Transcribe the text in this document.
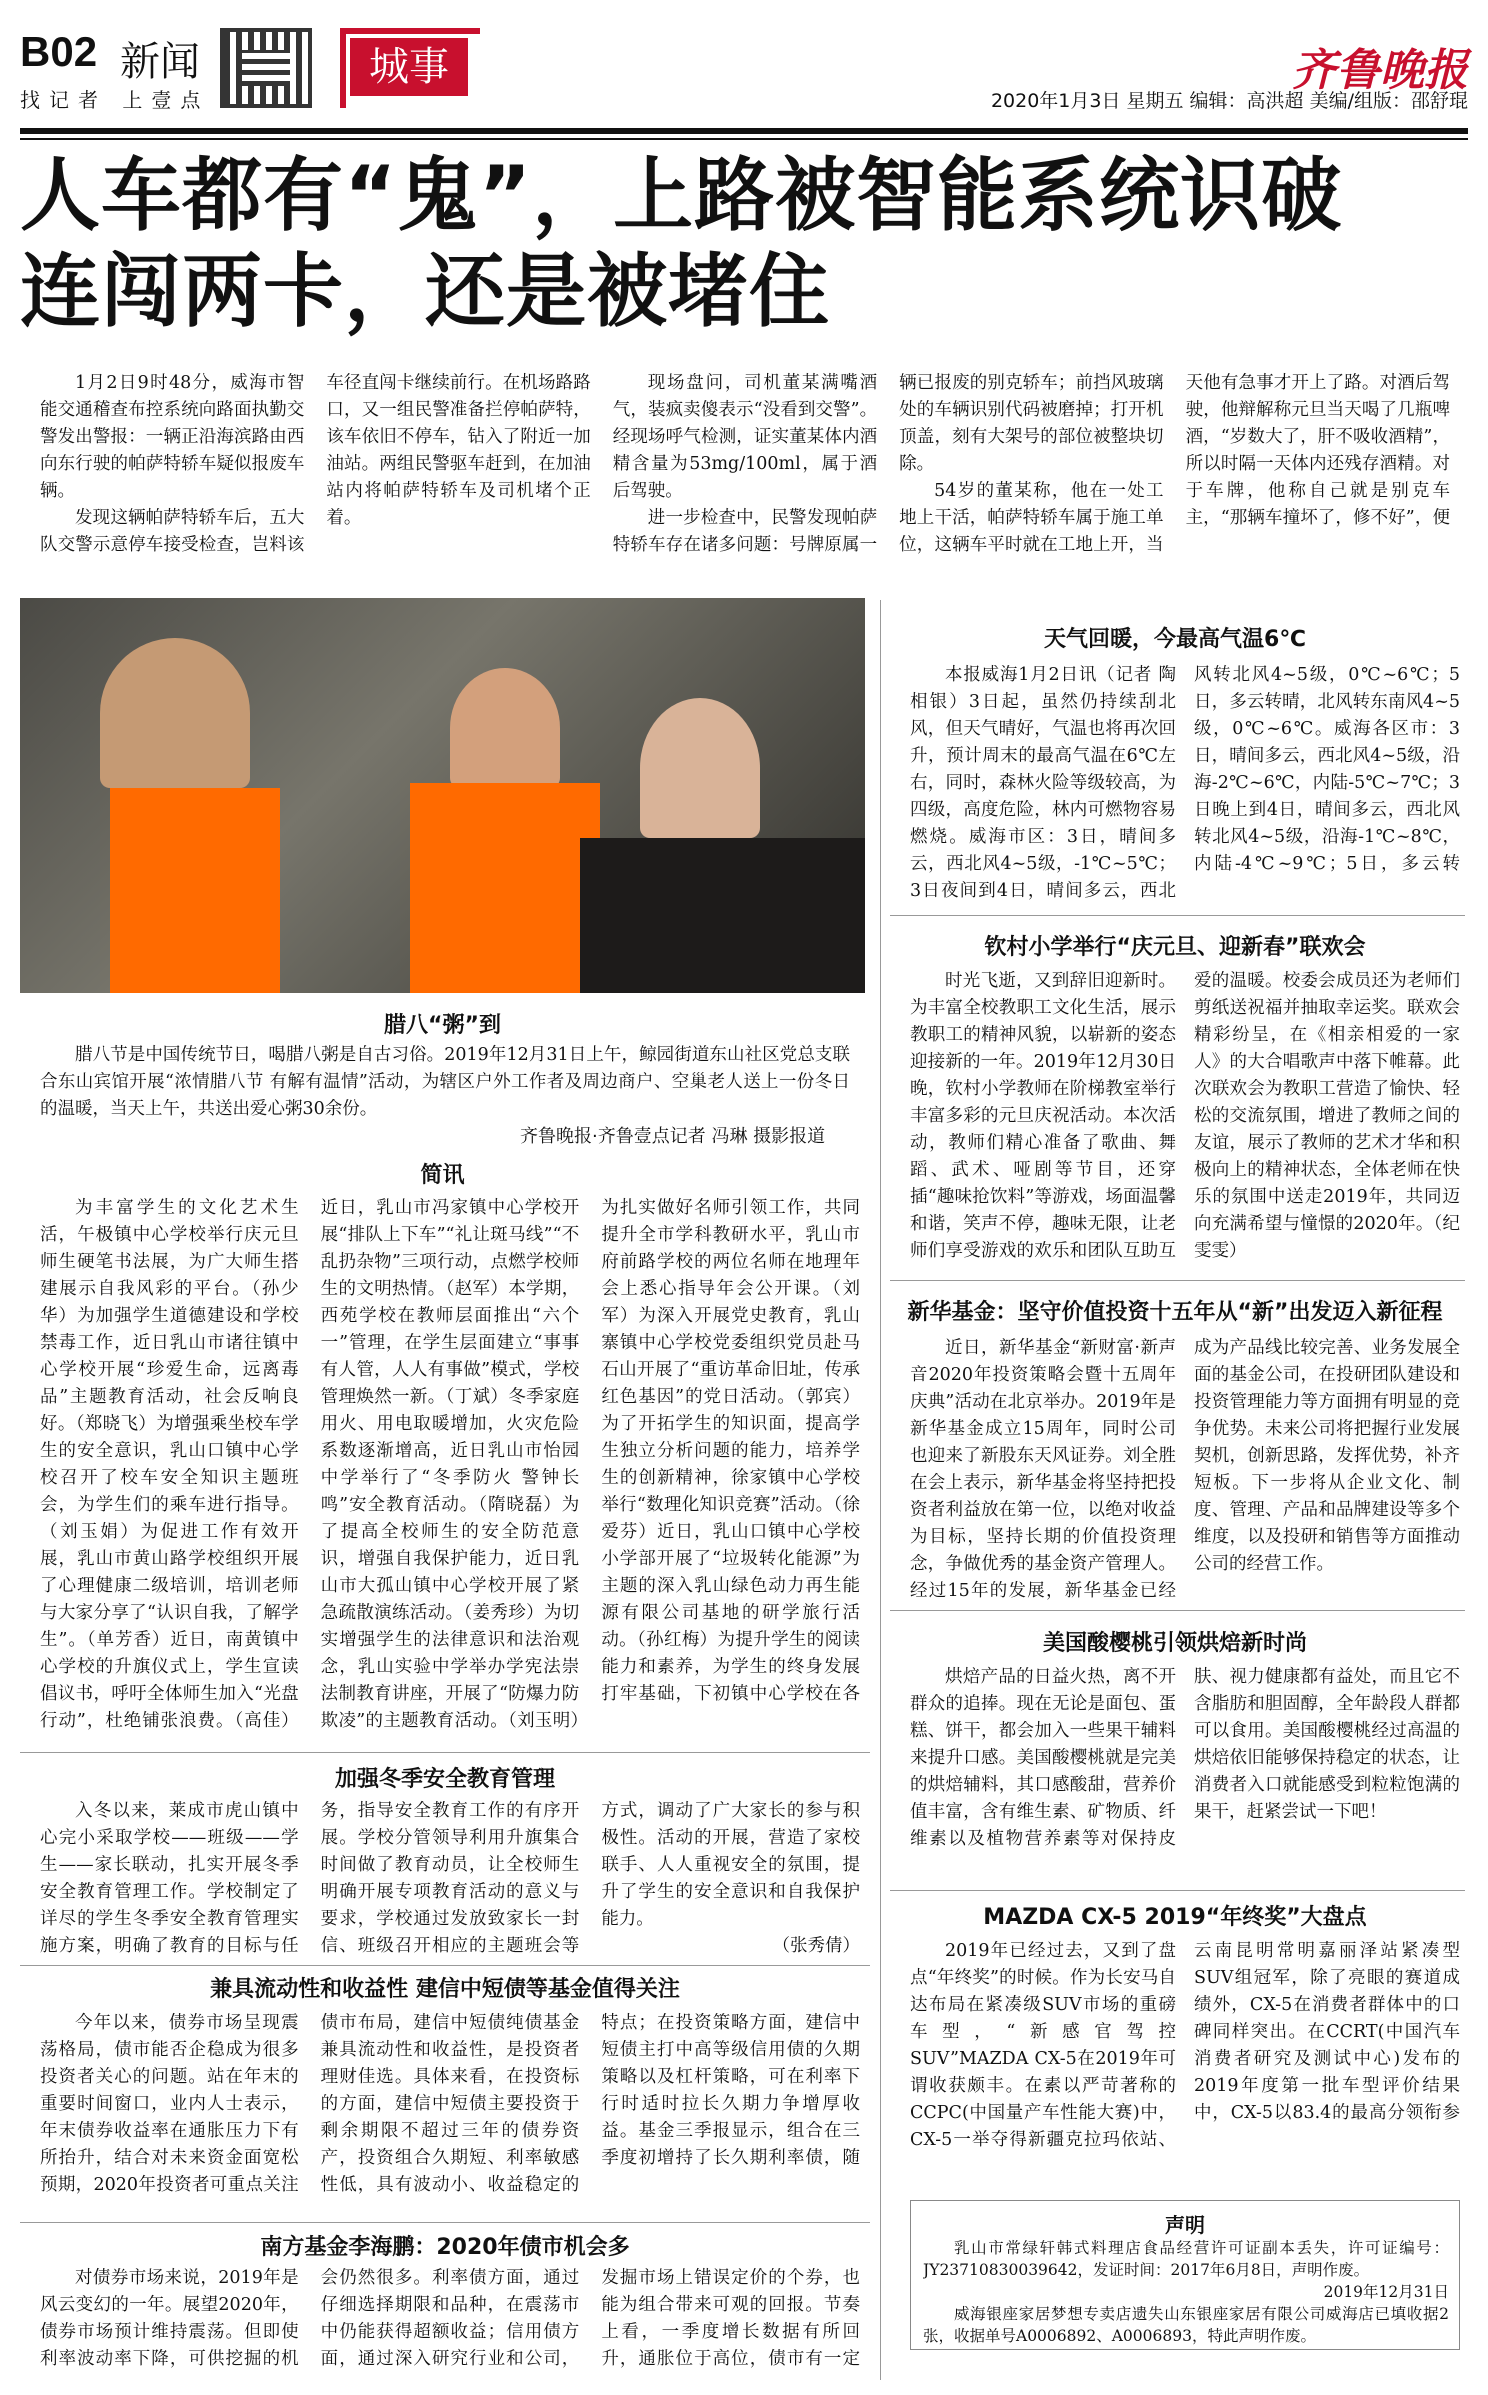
B02 新闻
找记者 上壹点
城事	齐鲁晚报
2020年1月3日 星期五 编辑：高洪超 美编/组版：邵舒琨
人车都有“鬼”，上路被智能系统识破
连闯两卡，还是被堵住

1月2日9时48分，威海市智能交通稽查布控系统向路面执勤交警发出警报：一辆正沿海滨路由西向东行驶的帕萨特轿车疑似报废车辆。

发现这辆帕萨特轿车后，五大队交警示意停车接受检查，岂料该车径直闯卡继续前行。在机场路路口，又一组民警准备拦停帕萨特，该车依旧不停车，钻入了附近一加油站。两组民警驱车赶到，在加油站内将帕萨特轿车及司机堵个正着。

现场盘问，司机董某满嘴酒气，装疯卖傻表示“没看到交警”。经现场呼气检测，证实董某体内酒精含量为53mg/100ml，属于酒后驾驶。

进一步检查中，民警发现帕萨特轿车存在诸多问题：号牌原属一辆已报废的别克轿车；前挡风玻璃处的车辆识别代码被磨掉；打开机顶盖，刻有大架号的部位被整块切除。

54岁的董某称，他在一处工地上干活，帕萨特轿车属于施工单位，这辆车平时就在工地上开，当天他有急事才开上了路。对酒后驾驶，他辩解称元旦当天喝了几瓶啤酒，“岁数大了，肝不吸收酒精”，所以时隔一天体内还残存酒精。对于车牌，他称自己就是别克车主，“那辆车撞坏了，修不好”，便

腊八“粥”到

腊八节是中国传统节日，喝腊八粥是自古习俗。2019年12月31日上午，鲸园街道东山社区党总支联合东山宾馆开展“浓情腊八节 有解有温情”活动，为辖区户外工作者及周边商户、空巢老人送上一份冬日的温暖，当天上午，共送出爱心粥30余份。

齐鲁晚报·齐鲁壹点记者 冯琳 摄影报道
简讯

为丰富学生的文化艺术生活，午极镇中心学校举行庆元旦师生硬笔书法展，为广大师生搭建展示自我风彩的平台。（孙少华）为加强学生道德建设和学校禁毒工作，近日乳山市诸往镇中心学校开展“珍爱生命，远离毒品”主题教育活动，社会反响良好。（郑晓飞）为增强乘坐校车学生的安全意识，乳山口镇中心学校召开了校车安全知识主题班会，为学生们的乘车进行指导。（刘玉娟）为促进工作有效开展，乳山市黄山路学校组织开展了心理健康二级培训，培训老师与大家分享了“认识自我，了解学生”。（单芳香）近日，南黄镇中心学校的升旗仪式上，学生宣读倡议书，呼吁全体师生加入“光盘行动”，杜绝铺张浪费。（高佳）近日，乳山市冯家镇中心学校开展“排队上下车”“礼让斑马线”“不乱扔杂物”三项行动，点燃学校师生的文明热情。（赵军）本学期，西苑学校在教师层面推出“六个一”管理，在学生层面建立“事事有人管，人人有事做”模式，学校管理焕然一新。（丁斌）冬季家庭用火、用电取暖增加，火灾危险系数逐渐增高，近日乳山市怡园中学举行了“冬季防火 警钟长鸣”安全教育活动。（隋晓磊）为了提高全校师生的安全防范意识，增强自我保护能力，近日乳山市大孤山镇中心学校开展了紧急疏散演练活动。（姜秀珍）为切实增强学生的法律意识和法治观念，乳山实验中学举办学宪法崇法制教育讲座，开展了“防爆力防欺凌”的主题教育活动。（刘玉明）为扎实做好名师引领工作，共同提升全市学科教研水平，乳山市府前路学校的两位名师在地理年会上悉心指导年会公开课。（刘军）为深入开展党史教育，乳山寨镇中心学校党委组织党员赴马石山开展了“重访革命旧址，传承红色基因”的党日活动。（郭宾）为了开拓学生的知识面，提高学生独立分析问题的能力，培养学生的创新精神，徐家镇中心学校举行“数理化知识竞赛”活动。（徐爱芬）近日，乳山口镇中心学校小学部开展了“垃圾转化能源”为主题的深入乳山绿色动力再生能源有限公司基地的研学旅行活动。（孙红梅）为提升学生的阅读能力和素养，为学生的终身发展打牢基础，下初镇中心学校在各

加强冬季安全教育管理

入冬以来，莱成市虎山镇中心完小采取学校——班级——学生——家长联动，扎实开展冬季安全教育管理工作。学校制定了详尽的学生冬季安全教育管理实施方案，明确了教育的目标与任务，指导安全教育工作的有序开展。学校分管领导利用升旗集合时间做了教育动员，让全校师生明确开展专项教育活动的意义与要求，学校通过发放致家长一封信、班级召开相应的主题班会等方式，调动了广大家长的参与积极性。活动的开展，营造了家校联手、人人重视安全的氛围，提升了学生的安全意识和自我保护能力。

（张秀倩）
兼具流动性和收益性 建信中短债等基金值得关注

今年以来，债券市场呈现震荡格局，债市能否企稳成为很多投资者关心的问题。站在年末的重要时间窗口，业内人士表示，年末债券收益率在通胀压力下有所抬升，结合对未来资金面宽松预期，2020年投资者可重点关注债市布局，建信中短债纯债基金兼具流动性和收益性，是投资者理财佳选。具体来看，在投资标的方面，建信中短债主要投资于剩余期限不超过三年的债券资产，投资组合久期短、利率敏感性低，具有波动小、收益稳定的特点；在投资策略方面，建信中短债主打中高等级信用债的久期策略以及杠杆策略，可在利率下行时适时拉长久期力争增厚收益。基金三季报显示，组合在三季度初增持了长久期利率债，随

南方基金李海鹏：2020年债市机会多

对债券市场来说，2019年是风云变幻的一年。展望2020年，债券市场预计维持震荡。但即使利率波动率下降，可供挖掘的机会仍然很多。利率债方面，通过仔细选择期限和品种，在震荡市中仍能获得超额收益；信用债方面，通过深入研究行业和公司，发掘市场上错误定价的个券，也能为组合带来可观的回报。节奏上看，一季度增长数据有所回升，通胀位于高位，债市有一定

天气回暖，今最高气温6℃

本报威海1月2日讯（记者 陶相银）3日起，虽然仍持续刮北风，但天气晴好，气温也将再次回升，预计周末的最高气温在6℃左右，同时，森林火险等级较高，为四级，高度危险，林内可燃物容易燃烧。威海市区：3日，晴间多云，西北风4~5级，-1℃~5℃；3日夜间到4日，晴间多云，西北风转北风4~5级，0℃~6℃；5日，多云转晴，北风转东南风4~5级，0℃~6℃。威海各区市：3日，晴间多云，西北风4~5级，沿海-2℃~6℃，内陆-5℃~7℃；3日晚上到4日，晴间多云，西北风转北风4~5级，沿海-1℃~8℃，内陆-4℃~9℃；5日，多云转

钦村小学举行“庆元旦、迎新春”联欢会

时光飞逝，又到辞旧迎新时。为丰富全校教职工文化生活，展示教职工的精神风貌，以崭新的姿态迎接新的一年。2019年12月30日晚，钦村小学教师在阶梯教室举行丰富多彩的元旦庆祝活动。本次活动，教师们精心准备了歌曲、舞蹈、武术、哑剧等节目，还穿插“趣味抢饮料”等游戏，场面温馨和谐，笑声不停，趣味无限，让老师们享受游戏的欢乐和团队互助互爱的温暖。校委会成员还为老师们剪纸送祝福并抽取幸运奖。联欢会精彩纷呈，在《相亲相爱的一家人》的大合唱歌声中落下帷幕。此次联欢会为教职工营造了愉快、轻松的交流氛围，增进了教师之间的友谊，展示了教师的艺术才华和积极向上的精神状态，全体老师在快乐的氛围中送走2019年，共同迈向充满希望与憧憬的2020年。（纪雯雯）

新华基金：坚守价值投资十五年从“新”出发迈入新征程

近日，新华基金“新财富·新声音2020年投资策略会暨十五周年庆典”活动在北京举办。2019年是新华基金成立15周年，同时公司也迎来了新股东天风证券。刘全胜在会上表示，新华基金将坚持把投资者利益放在第一位，以绝对收益为目标，坚持长期的价值投资理念，争做优秀的基金资产管理人。经过15年的发展，新华基金已经成为产品线比较完善、业务发展全面的基金公司，在投研团队建设和投资管理能力等方面拥有明显的竞争优势。未来公司将把握行业发展契机，创新思路，发挥优势，补齐短板。下一步将从企业文化、制度、管理、产品和品牌建设等多个维度，以及投研和销售等方面推动公司的经营工作。

美国酸樱桃引领烘焙新时尚

烘焙产品的日益火热，离不开群众的追捧。现在无论是面包、蛋糕、饼干，都会加入一些果干辅料来提升口感。美国酸樱桃就是完美的烘焙辅料，其口感酸甜，营养价值丰富，含有维生素、矿物质、纤维素以及植物营养素等对保持皮肤、视力健康都有益处，而且它不含脂肪和胆固醇，全年龄段人群都可以食用。美国酸樱桃经过高温的烘焙依旧能够保持稳定的状态，让消费者入口就能感受到粒粒饱满的果干，赶紧尝试一下吧！

MAZDA CX-5 2019“年终奖”大盘点

2019年已经过去，又到了盘点“年终奖”的时候。作为长安马自达布局在紧凑级SUV市场的重磅车型，“新感官驾控SUV”MAZDA CX-5在2019年可谓收获颇丰。在素以严苛著称的CCPC(中国量产车性能大赛)中，CX-5一举夺得新疆克拉玛依站、云南昆明常明嘉丽泽站紧凑型SUV组冠军，除了亮眼的赛道成绩外，CX-5在消费者群体中的口碑同样突出。在CCRT(中国汽车消费者研究及测试中心)发布的2019年度第一批车型评价结果中，CX-5以83.4的最高分领衔参

声明

乳山市常绿轩韩式料理店食品经营许可证副本丢失，许可证编号：JY23710830039642，发证时间：2017年6月8日，声明作废。

2019年12月31日

威海银座家居梦想专卖店遗失山东银座家居有限公司威海店已填收据2张，收据单号A0006892、A0006893，特此声明作废。
